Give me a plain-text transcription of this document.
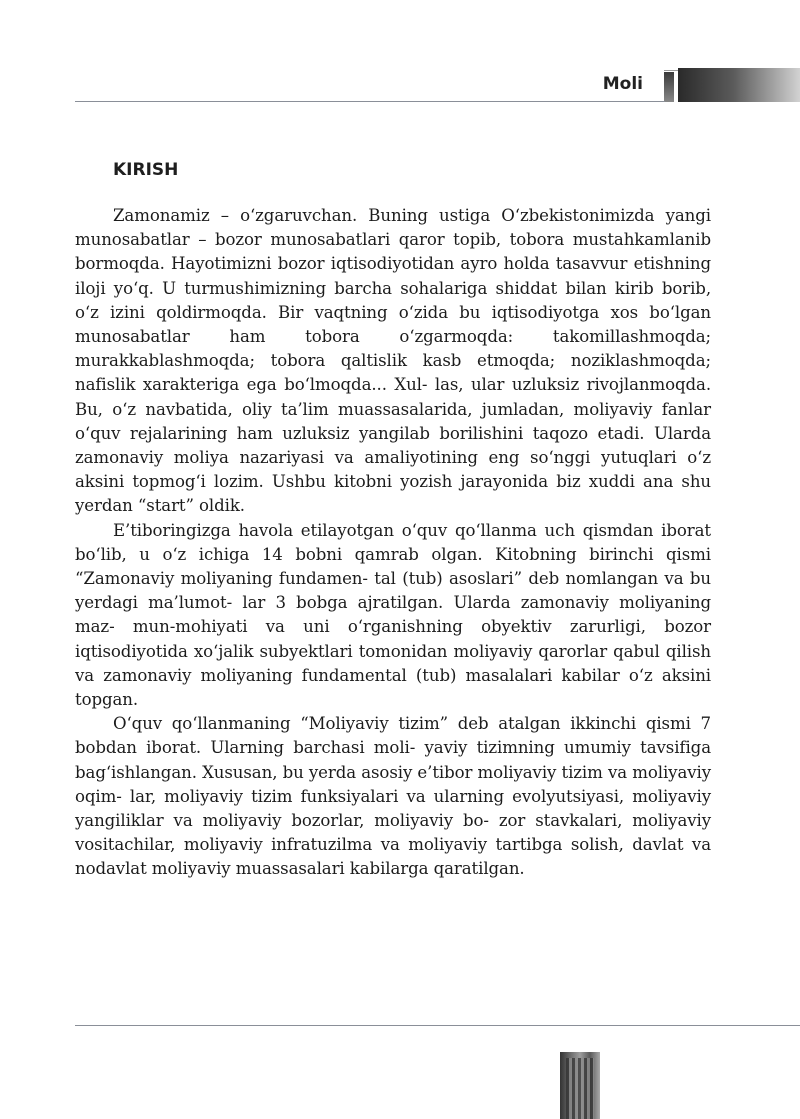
Moli
KIRISH

Zamonamiz – o‘zgaruvchan. Buning ustiga O‘zbekistonimizda yangi munosabatlar – bozor munosabatlari qaror topib, tobora mustahkamlanib bormoqda. Hayotimizni bozor iqtisodiyotidan ayro holda tasavvur etishning iloji yo‘q. U turmushimizning barcha sohalariga shiddat bilan kirib borib, o‘z izini qoldirmoqda. Bir vaqtning o‘zida bu iqtisodiyotga xos bo‘lgan munosabatlar ham tobora o‘zgarmoqda: takomillashmoqda; murakkablashmoqda; tobora qaltislik kasb etmoqda; noziklashmoqda; nafislik xarakteriga ega bo‘lmoqda... Xul- las, ular uzluksiz rivojlanmoqda. Bu, o‘z navbatida, oliy ta’lim muassasalarida, jumladan, moliyaviy fanlar o‘quv rejalarining ham uzluksiz yangilab borilishini taqozo etadi. Ularda zamonaviy moliya nazariyasi va amaliyotining eng so‘nggi yutuqlari o‘z aksini topmog‘i lozim. Ushbu kitobni yozish jarayonida biz xuddi ana shu yerdan “start” oldik.

E’tiboringizga havola etilayotgan o‘quv qo‘llanma uch qismdan iborat bo‘lib, u o‘z ichiga 14 bobni qamrab olgan. Kitobning birinchi qismi “Zamonaviy moliyaning fundamen- tal (tub) asoslari” deb nomlangan va bu yerdagi ma’lumot- lar 3 bobga ajratilgan. Ularda zamonaviy moliyaning maz- mun-mohiyati va uni o‘rganishning obyektiv zarurligi, bozor iqtisodiyotida xo‘jalik subyektlari tomonidan moliyaviy qarorlar qabul qilish va zamonaviy moliyaning fundamental (tub) masalalari kabilar o‘z aksini topgan.

O‘quv qo‘llanmaning “Moliyaviy tizim” deb atalgan ikkinchi qismi 7 bobdan iborat. Ularning barchasi moli- yaviy tizimning umumiy tavsifiga bag‘ishlangan. Xususan, bu yerda asosiy e’tibor moliyaviy tizim va moliyaviy oqim- lar, moliyaviy tizim funksiyalari va ularning evolyutsiyasi, moliyaviy yangiliklar va moliyaviy bozorlar, moliyaviy bo- zor stavkalari, moliyaviy vositachilar, moliyaviy infratuzilma va moliyaviy tartibga solish, davlat va nodavlat moliyaviy muassasalari kabilarga qaratilgan.
